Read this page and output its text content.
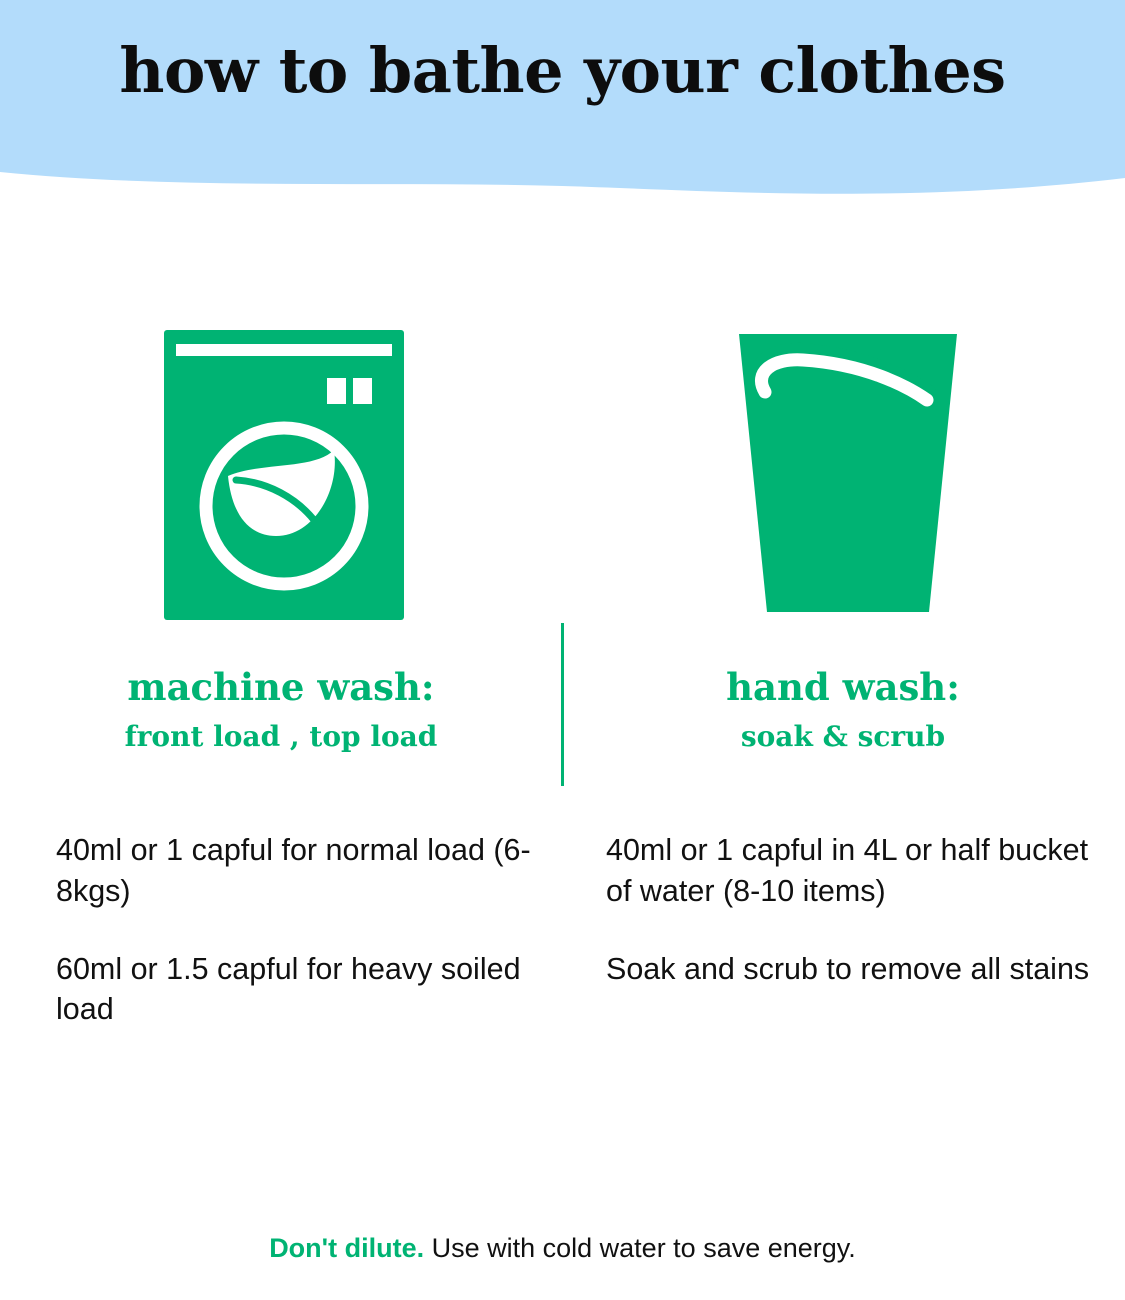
how to bathe your clothes
machine wash:
front load , top load
40ml or 1 capful for normal load (6-8kgs)
60ml or 1.5 capful for heavy soiled load
hand wash:
soak & scrub
40ml or 1 capful in 4L or half bucket of water (8-10 items)
Soak and scrub to remove all stains
Don't dilute. Use with cold water to save energy.
